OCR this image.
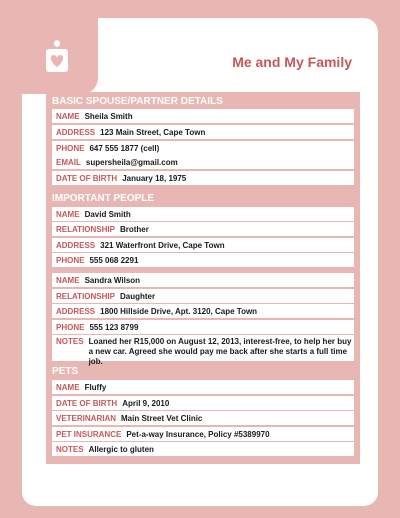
Me and My Family
BASIC SPOUSE/PARTNER DETAILS
NAME Sheila Smith
ADDRESS 123 Main Street, Cape Town
PHONE 647 555 1877 (cell)
EMAIL supersheila@gmail.com
DATE OF BIRTH January 18, 1975
IMPORTANT PEOPLE
NAME David Smith
RELATIONSHIP Brother
ADDRESS 321 Waterfront Drive, Cape Town
PHONE 555 068 2291
NAME Sandra Wilson
RELATIONSHIP Daughter
ADDRESS 1800 Hillside Drive, Apt. 3120, Cape Town
PHONE 555 123 8799
NOTES Loaned her R15,000 on August 12, 2013, interest-free, to help her buy a new car. Agreed she would pay me back after she starts a full time job.
PETS
NAME Fluffy
DATE OF BIRTH April 9, 2010
VETERINARIAN Main Street Vet Clinic
PET INSURANCE Pet-a-way Insurance, Policy #5389970
NOTES Allergic to gluten
2
